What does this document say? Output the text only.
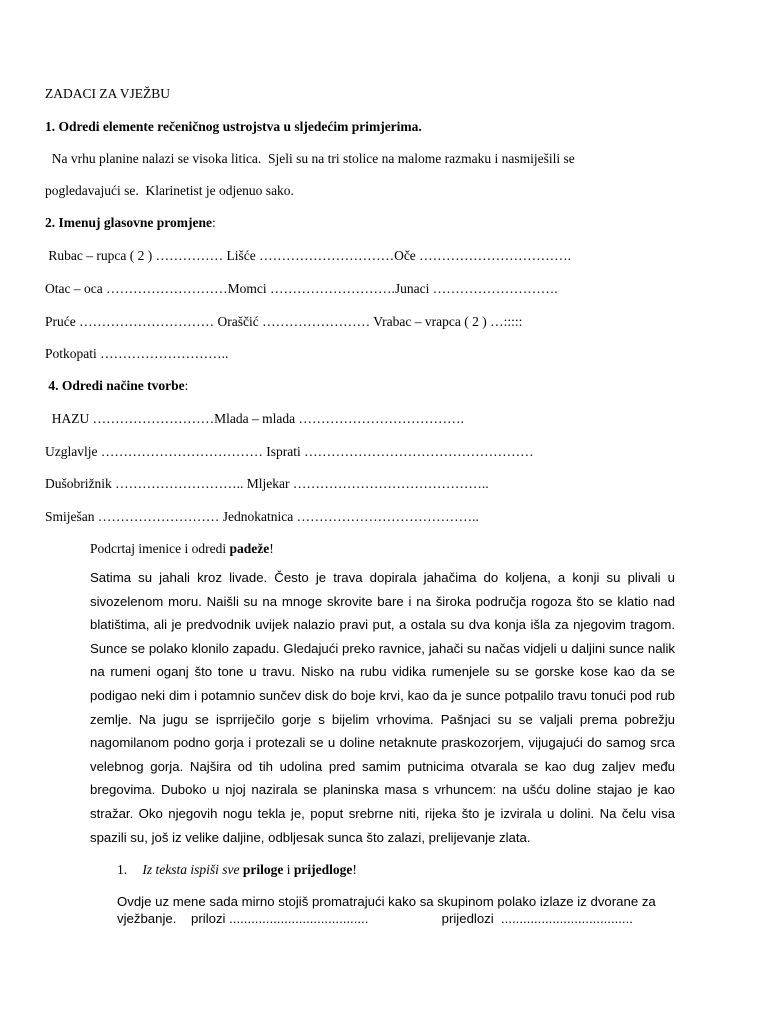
ZADACI ZA VJEŽBU
1. Odredi elemente rečeničnog ustrojstva u sljedećim primjerima.
Na vrhu planine nalazi se visoka litica.  Sjeli su na tri stolice na malome razmaku i nasmiješili se
pogledavajući se.  Klarinetist je odjenuo sako.
2. Imenuj glasovne promjene:
Rubac – rupca ( 2 ) …………… Lišće …………………………Oče …………………………….
Otac – oca ………………………Momci ……………………….Junaci ……………………….
Pruće ………………………… Oraščić …………………… Vrabac – vrapca ( 2 ) …:::::
Potkopati ………………………..
4. Odredi načine tvorbe:
HAZU ………………………Mlada – mlada ……………………………….
Uzglavlje ……………………………… Isprati ……………………………………………
Dušobrižnik ……………………….. Mljekar ……………………………………..
Smiješan ……………………… Jednokatnica …………………………………..
Podcrtaj imenice i odredi padeže!
Satima su jahali kroz livade. Često je trava dopirala jahačima do koljena, a konji su plivali u sivozelenom moru. Naišli su na mnoge skrovite bare i na široka područja rogoza što se klatio nad blatištima, ali je predvodnik uvijek nalazio pravi put, a ostala su dva konja išla za njegovim tragom. Sunce se polako klonilo zapadu. Gledajući preko ravnice, jahači su načas vidjeli u daljini sunce nalik na rumeni oganj što tone u travu. Nisko na rubu vidika rumenjele su se gorske kose kao da se podigao neki dim i potamnio sunčev disk do boje krvi, kao da je sunce potpalilo travu tonući pod rub zemlje. Na jugu se isprriječilo gorje s bijelim vrhovima. Pašnjaci su se valjali prema pobrežju nagomilanom podno gorja i protezali se u doline netaknute praskozorjem, vijugajući do samog srca velebnog gorja. Najšira od tih udolina pred samim putnicima otvarala se kao dug zaljev među bregovima. Duboko u njoj nazirala se planinska masa s vrhuncem: na ušću doline stajao je kao stražar. Oko njegovih nogu tekla je, poput srebrne niti, rijeka što je izvirala u dolini. Na čelu visa spazili su, još iz velike daljine, odbljesak sunca što zalazi, prelijevanje zlata.
1. Iz teksta ispiši sve priloge i prijedloge!
Ovdje uz mene sada mirno stojiš promatrajući kako sa skupinom polako izlaze iz dvorane za
vježbanje.    prilozi ......................................                    prijedlozi  ....................................
